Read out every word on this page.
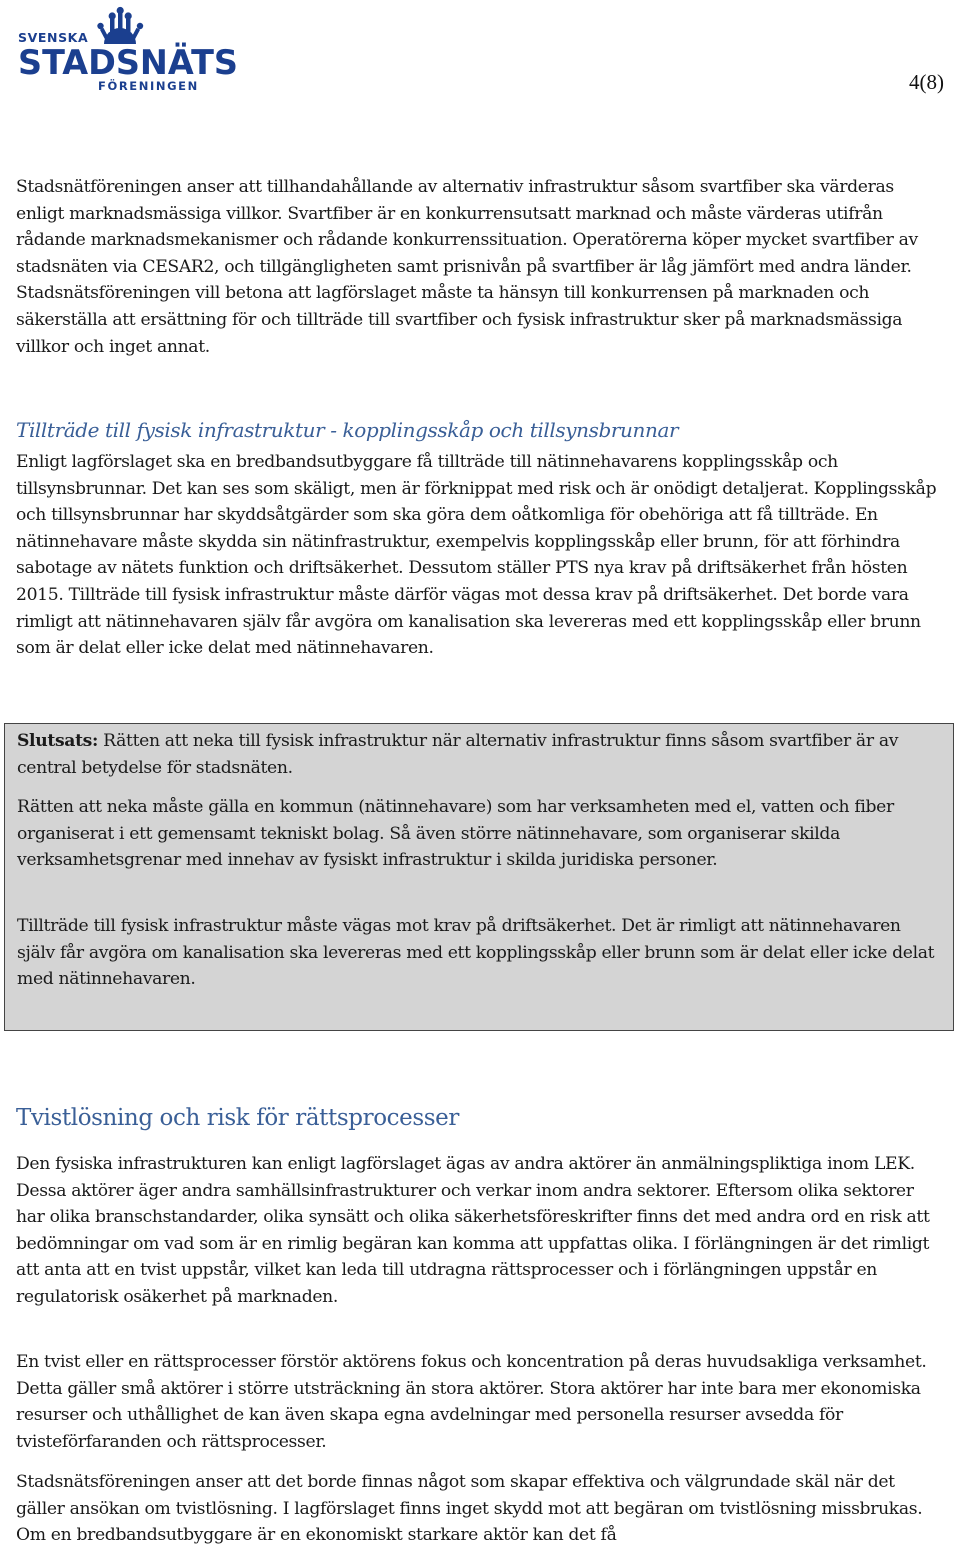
SVENSKA
STADSNÄTS
FÖRENINGEN	4(8)

Stadsnätföreningen anser att tillhandahållande av alternativ infrastruktur såsom svartfiber ska värderas enligt marknadsmässiga villkor. Svartfiber är en konkurrensutsatt marknad och måste värderas utifrån rådande marknadsmekanismer och rådande konkurrenssituation. Operatörerna köper mycket svartfiber av stadsnäten via CESAR2, och tillgängligheten samt prisnivån på svartfiber är låg jämfört med andra länder. Stadsnätsföreningen vill betona att lagförslaget måste ta hänsyn till konkurrensen på marknaden och säkerställa att ersättning för och tillträde till svartfiber och fysisk infrastruktur sker på marknadsmässiga villkor och inget annat.

Tillträde till fysisk infrastruktur - kopplingsskåp och tillsynsbrunnar

Enligt lagförslaget ska en bredbandsutbyggare få tillträde till nätinnehavarens kopplingsskåp och tillsynsbrunnar. Det kan ses som skäligt, men är förknippat med risk och är onödigt detaljerat. Kopplingsskåp och tillsynsbrunnar har skyddsåtgärder som ska göra dem oåtkomliga för obehöriga att få tillträde. En nätinnehavare måste skydda sin nätinfrastruktur, exempelvis kopplingsskåp eller brunn, för att förhindra sabotage av nätets funktion och driftsäkerhet. Dessutom ställer PTS nya krav på driftsäkerhet från hösten 2015. Tillträde till fysisk infrastruktur måste därför vägas mot dessa krav på driftsäkerhet. Det borde vara rimligt att nätinnehavaren själv får avgöra om kanalisation ska levereras med ett kopplingsskåp eller brunn som är delat eller icke delat med nätinnehavaren.

Slutsats: Rätten att neka till fysisk infrastruktur när alternativ infrastruktur finns såsom svartfiber är av central betydelse för stadsnäten.

Rätten att neka måste gälla en kommun (nätinnehavare) som har verksamheten med el, vatten och fiber organiserat i ett gemensamt tekniskt bolag. Så även större nätinnehavare, som organiserar skilda verksamhetsgrenar med innehav av fysiskt infrastruktur i skilda juridiska personer.

Tillträde till fysisk infrastruktur måste vägas mot krav på driftsäkerhet. Det är rimligt att nätinnehavaren själv får avgöra om kanalisation ska levereras med ett kopplingsskåp eller brunn som är delat eller icke delat med nätinnehavaren.

Tvistlösning och risk för rättsprocesser

Den fysiska infrastrukturen kan enligt lagförslaget ägas av andra aktörer än anmälningspliktiga inom LEK. Dessa aktörer äger andra samhällsinfrastrukturer och verkar inom andra sektorer. Eftersom olika sektorer har olika branschstandarder, olika synsätt och olika säkerhetsföreskrifter finns det med andra ord en risk att bedömningar om vad som är en rimlig begäran kan komma att uppfattas olika. I förlängningen är det rimligt att anta att en tvist uppstår, vilket kan leda till utdragna rättsprocesser och i förlängningen uppstår en regulatorisk osäkerhet på marknaden.

En tvist eller en rättsprocesser förstör aktörens fokus och koncentration på deras huvudsakliga verksamhet. Detta gäller små aktörer i större utsträckning än stora aktörer. Stora aktörer har inte bara mer ekonomiska resurser och uthållighet de kan även skapa egna avdelningar med personella resurser avsedda för tvisteförfaranden och rättsprocesser.

Stadsnätsföreningen anser att det borde finnas något som skapar effektiva och välgrundade skäl när det gäller ansökan om tvistlösning. I lagförslaget finns inget skydd mot att begäran om tvistlösning missbrukas. Om en bredbandsutbyggare är en ekonomiskt starkare aktör kan det få
